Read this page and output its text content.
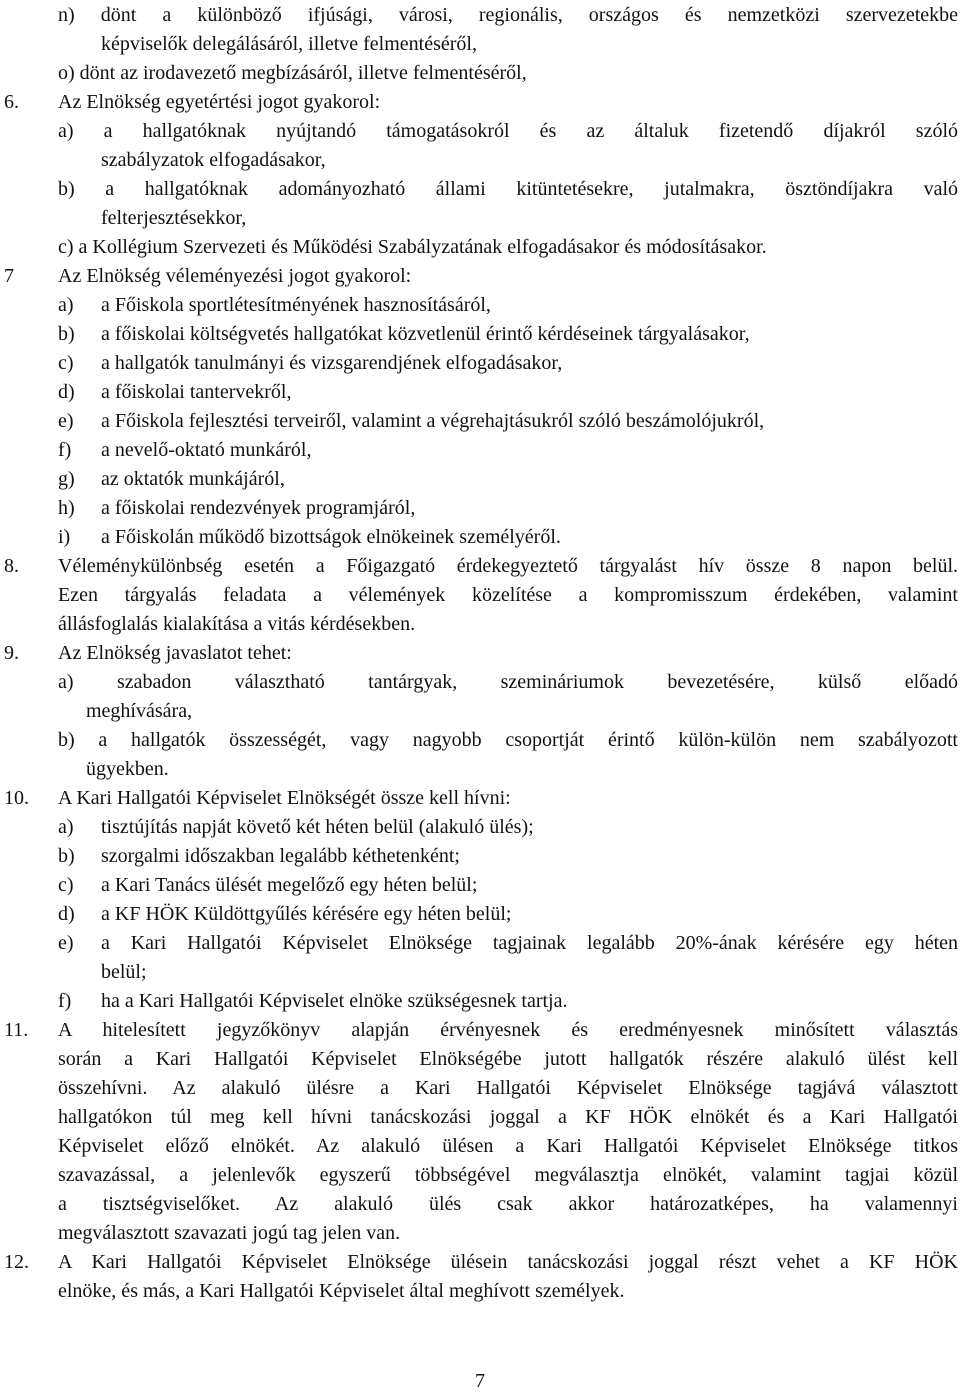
n) dönt a különböző ifjúsági, városi, regionális, országos és nemzetközi szervezetekbe

képviselők delegálásáról, illetve felmentéséről,

o) dönt az irodavezető megbízásáról, illetve felmentéséről,

6. Az Elnökség egyetértési jogot gyakorol:

a) a hallgatóknak nyújtandó támogatásokról és az általuk fizetendő díjakról szóló

szabályzatok elfogadásakor,

b) a hallgatóknak adományozható állami kitüntetésekre, jutalmakra, ösztöndíjakra való

felterjesztésekkor,

c) a Kollégium Szervezeti és Működési Szabályzatának elfogadásakor és módosításakor.

7 Az Elnökség véleményezési jogot gyakorol:

a) a Főiskola sportlétesítményének hasznosításáról,

b) a főiskolai költségvetés hallgatókat közvetlenül érintő kérdéseinek tárgyalásakor,

c) a hallgatók tanulmányi és vizsgarendjének elfogadásakor,

d) a főiskolai tantervekről,

e) a Főiskola fejlesztési terveiről, valamint a végrehajtásukról szóló beszámolójukról,

f) a nevelő-oktató munkáról,

g) az oktatók munkájáról,

h) a főiskolai rendezvények programjáról,

i) a Főiskolán működő bizottságok elnökeinek személyéről.

8. Véleménykülönbség esetén a Főigazgató érdekegyeztető tárgyalást hív össze 8 napon belül.

Ezen tárgyalás feladata a vélemények közelítése a kompromisszum érdekében, valamint

állásfoglalás kialakítása a vitás kérdésekben.

9. Az Elnökség javaslatot tehet:

a) szabadon választható tantárgyak, szemináriumok bevezetésére, külső előadó

meghívására,

b) a hallgatók összességét, vagy nagyobb csoportját érintő külön-külön nem szabályozott

ügyekben.

10. A Kari Hallgatói Képviselet Elnökségét össze kell hívni:

a) tisztújítás napját követő két héten belül (alakuló ülés);

b) szorgalmi időszakban legalább kéthetenként;

c) a Kari Tanács ülését megelőző egy héten belül;

d) a KF HÖK Küldöttgyűlés kérésére egy héten belül;

e) a Kari Hallgatói Képviselet Elnöksége tagjainak legalább 20%-ának kérésére egy héten

belül;

f) ha a Kari Hallgatói Képviselet elnöke szükségesnek tartja.

11. A hitelesített jegyzőkönyv alapján érvényesnek és eredményesnek minősített választás

során a Kari Hallgatói Képviselet Elnökségébe jutott hallgatók részére alakuló ülést kell

összehívni. Az alakuló ülésre a Kari Hallgatói Képviselet Elnöksége tagjává választott

hallgatókon túl meg kell hívni tanácskozási joggal a KF HÖK elnökét és a Kari Hallgatói

Képviselet előző elnökét. Az alakuló ülésen a Kari Hallgatói Képviselet Elnöksége titkos

szavazással, a jelenlevők egyszerű többségével megválasztja elnökét, valamint tagjai közül

a tisztségviselőket. Az alakuló ülés csak akkor határozatképes, ha valamennyi

megválasztott szavazati jogú tag jelen van.

12. A Kari Hallgatói Képviselet Elnöksége ülésein tanácskozási joggal részt vehet a KF HÖK

elnöke, és más, a Kari Hallgatói Képviselet által meghívott személyek.

7
